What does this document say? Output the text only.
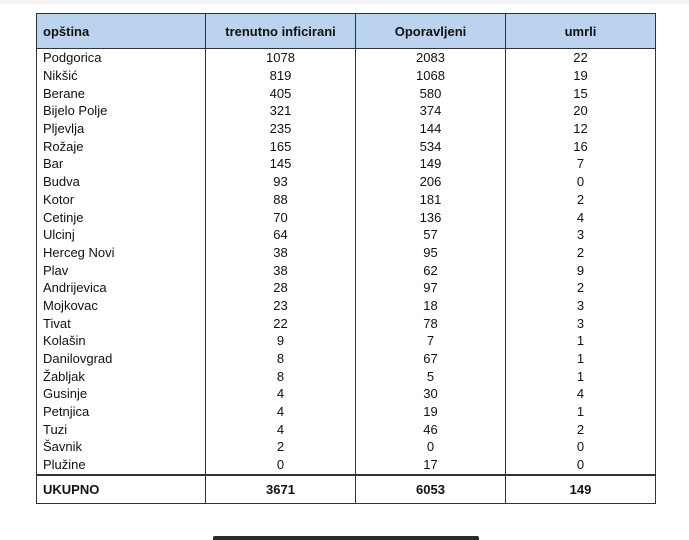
opština	trenutno inficirani	Oporavljeni	umrli
Podgorica	1078	2083	22
Nikšić	819	1068	19
Berane	405	580	15
Bijelo Polje	321	374	20
Pljevlja	235	144	12
Rožaje	165	534	16
Bar	145	149	7
Budva	93	206	0
Kotor	88	181	2
Cetinje	70	136	4
Ulcinj	64	57	3
Herceg Novi	38	95	2
Plav	38	62	9
Andrijevica	28	97	2
Mojkovac	23	18	3
Tivat	22	78	3
Kolašin	9	7	1
Danilovgrad	8	67	1
Žabljak	8	5	1
Gusinje	4	30	4
Petnjica	4	19	1
Tuzi	4	46	2
Šavnik	2	0	0
Plužine	0	17	0
UKUPNO	3671	6053	149
